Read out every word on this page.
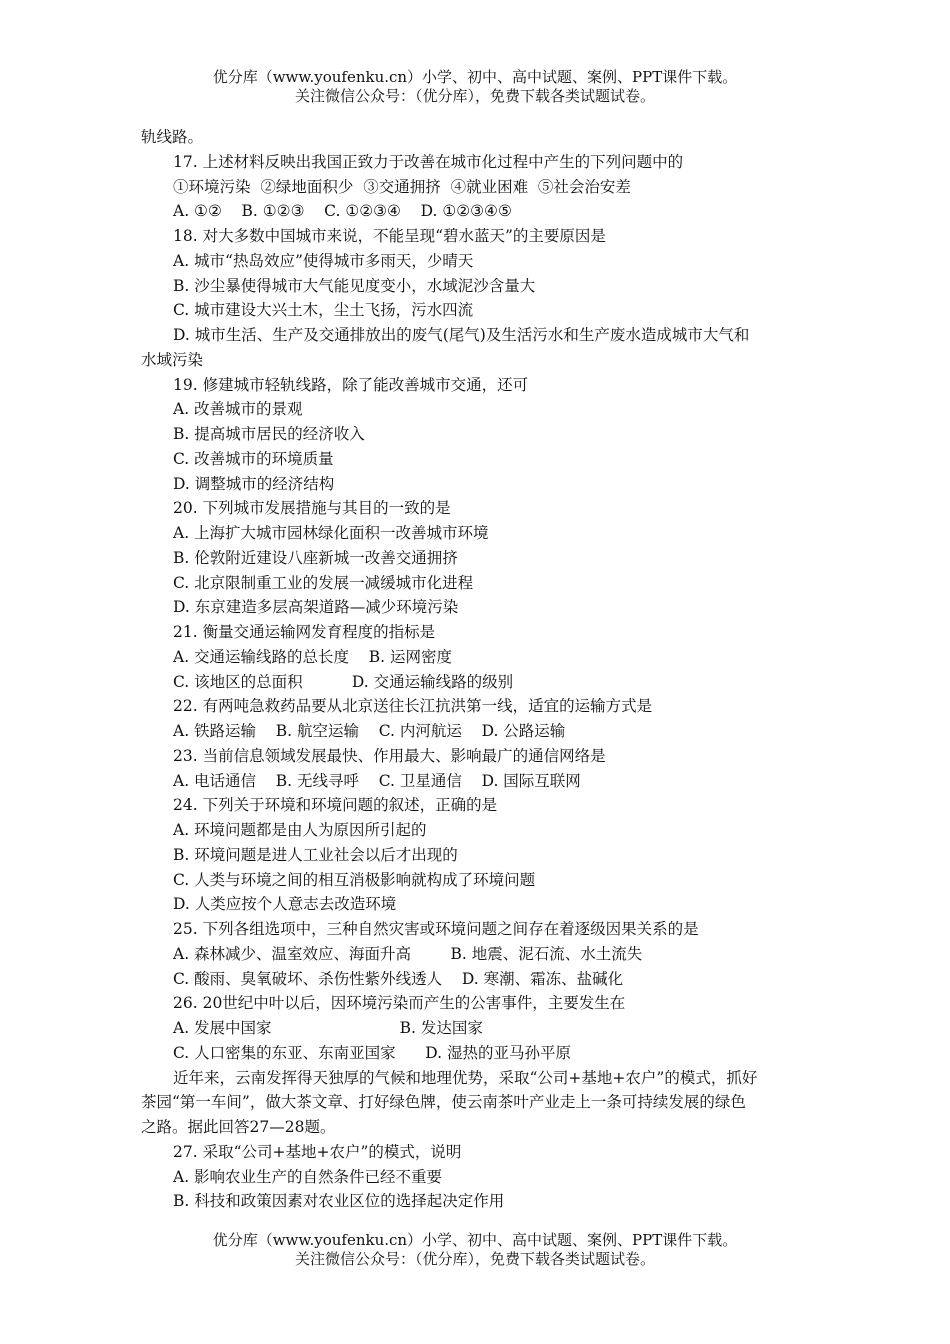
优分库（www.youfenku.cn）小学、初中、高中试题、案例、PPT课件下载。
关注微信公众号：（优分库），免费下载各类试题试卷。
轨线路。
17. 上述材料反映出我国正致力于改善在城市化过程中产生的下列问题中的
①环境污染  ②绿地面积少  ③交通拥挤  ④就业困难  ⑤社会治安差
A. ①②    B. ①②③    C. ①②③④    D. ①②③④⑤
18. 对大多数中国城市来说，不能呈现“碧水蓝天”的主要原因是
A. 城市“热岛效应”使得城市多雨天，少晴天
B. 沙尘暴使得城市大气能见度变小，水域泥沙含量大
C. 城市建设大兴土木，尘土飞扬，污水四流
D. 城市生活、生产及交通排放出的废气(尾气)及生活污水和生产废水造成城市大气和
水域污染
19. 修建城市轻轨线路，除了能改善城市交通，还可
A. 改善城市的景观
B. 提高城市居民的经济收入
C. 改善城市的环境质量
D. 调整城市的经济结构
20. 下列城市发展措施与其目的一致的是
A. 上海扩大城市园林绿化面积一改善城市环境
B. 伦敦附近建设八座新城一改善交通拥挤
C. 北京限制重工业的发展一减缓城市化进程
D. 东京建造多层高架道路—减少环境污染
21. 衡量交通运输网发育程度的指标是
A. 交通运输线路的总长度    B. 运网密度
C. 该地区的总面积          D. 交通运输线路的级别
22. 有两吨急救药品要从北京送往长江抗洪第一线，适宜的运输方式是
A. 铁路运输    B. 航空运输    C. 内河航运    D. 公路运输
23. 当前信息领域发展最快、作用最大、影响最广的通信网络是
A. 电话通信    B. 无线寻呼    C. 卫星通信    D. 国际互联网
24. 下列关于环境和环境问题的叙述，正确的是
A. 环境问题都是由人为原因所引起的
B. 环境问题是进人工业社会以后才出现的
C. 人类与环境之间的相互消极影响就构成了环境问题
D. 人类应按个人意志去改造环境
25. 下列各组选项中，三种自然灾害或环境问题之间存在着逐级因果关系的是
A. 森林减少、温室效应、海面升高        B. 地震、泥石流、水土流失
C. 酸雨、臭氧破坏、杀伤性紫外线透人    D. 寒潮、霜冻、盐碱化
26. 20世纪中叶以后，因环境污染而产生的公害事件，主要发生在
A. 发展中国家                          B. 发达国家
C. 人口密集的东亚、东南亚国家      D. 湿热的亚马孙平原
近年来，云南发挥得天独厚的气候和地理优势，采取“公司+基地+农户”的模式，抓好
茶园“第一车间”，做大茶文章、打好绿色牌，使云南茶叶产业走上一条可持续发展的绿色
之路。据此回答27—28题。
27. 采取“公司+基地+农户”的模式，说明
A. 影响农业生产的自然条件已经不重要
B. 科技和政策因素对农业区位的选择起决定作用
优分库（www.youfenku.cn）小学、初中、高中试题、案例、PPT课件下载。
关注微信公众号：（优分库），免费下载各类试题试卷。
